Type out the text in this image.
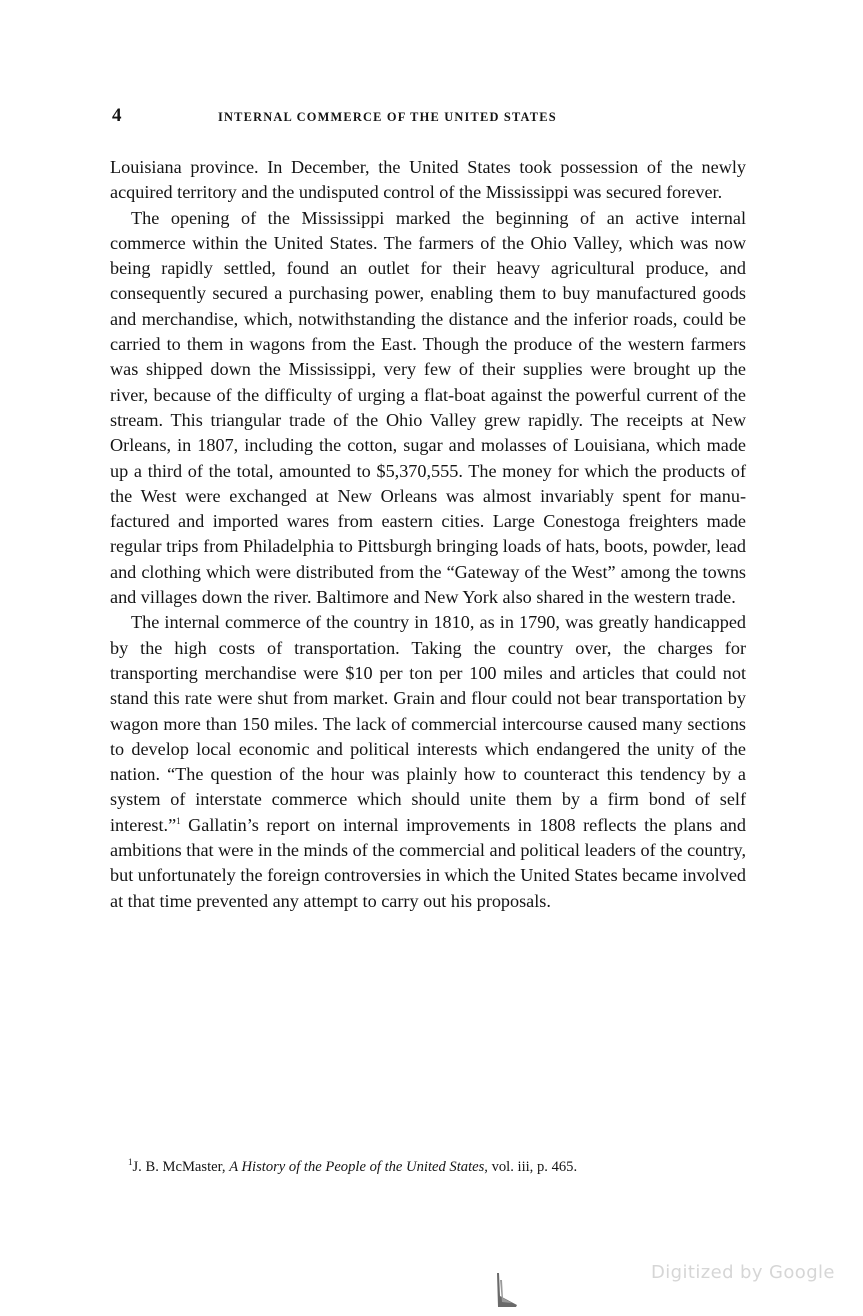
4	INTERNAL COMMERCE OF THE UNITED STATES

Louisiana province. In December, the United States took possession of the newly acquired territory and the undisputed control of the Mississippi was secured forever.

The opening of the Mississippi marked the beginning of an active internal commerce within the United States. The farmers of the Ohio Valley, which was now being rapidly settled, found an outlet for their heavy agricultural produce, and consequently secured a purchasing power, enabling them to buy manufactured goods and merchandise, which, notwithstanding the distance and the inferior roads, could be carried to them in wagons from the East. Though the produce of the western farmers was shipped down the Mississippi, very few of their supplies were brought up the river, because of the difficulty of urging a flat-boat against the powerful current of the stream. This triangular trade of the Ohio Valley grew rapidly. The receipts at New Orleans, in 1807, including the cotton, sugar and molasses of Louisiana, which made up a third of the total, amounted to $5,370,555. The money for which the products of the West were exchanged at New Orleans was almost invariably spent for manufactured and imported wares from eastern cities. Large Conestoga freighters made regular trips from Philadelphia to Pittsburgh bringing loads of hats, boots, powder, lead and clothing which were distributed from the “Gateway of the West” among the towns and villages down the river. Baltimore and New York also shared in the western trade.

The internal commerce of the country in 1810, as in 1790, was greatly handicapped by the high costs of transportation. Taking the country over, the charges for transporting merchandise were $10 per ton per 100 miles and articles that could not stand this rate were shut from market. Grain and flour could not bear transportation by wagon more than 150 miles. The lack of commercial intercourse caused many sections to develop local economic and political interests which endangered the unity of the nation. “The question of the hour was plainly how to counteract this tendency by a system of interstate commerce which should unite them by a firm bond of self interest.”$^1$ Gallatin’s report on internal improvements in 1808 reflects the plans and ambitions that were in the minds of the commercial and political leaders of the country, but unfortunately the foreign controversies in which the United States became involved at that time prevented any attempt to carry out his proposals.

$^1$J. B. McMaster, A History of the People of the United States, vol. iii, p. 465.
Digitized by Google
